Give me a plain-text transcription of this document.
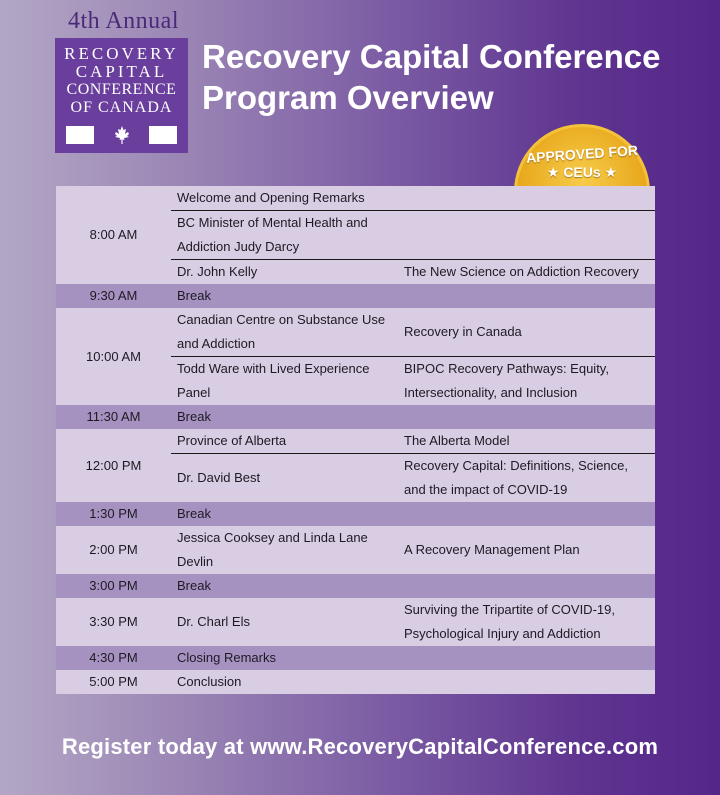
4th Annual
RECOVERY
CAPITAL
CONFERENCE
OF CANADA
Recovery Capital Conference
Program Overview
APPROVED FOR
★ CEUs ★
8:00 AM	Welcome and Opening Remarks	
	BC Minister of Mental Health and Addiction Judy Darcy	
	Dr. John Kelly	The New Science on Addiction Recovery
9:30 AM	Break	
10:00 AM	Canadian Centre on Substance Use and Addiction	Recovery in Canada
	Todd Ware with Lived Experience Panel	BIPOC Recovery Pathways: Equity, Intersectionality, and Inclusion
11:30 AM	Break	
12:00 PM	Province of Alberta	The Alberta Model
	Dr. David Best	Recovery Capital: Definitions, Science, and the impact of COVID-19
1:30 PM	Break	
2:00 PM	Jessica Cooksey and Linda Lane Devlin	A Recovery Management Plan
3:00 PM	Break	
3:30 PM	Dr. Charl Els	Surviving the Tripartite of COVID-19, Psychological Injury and Addiction
4:30 PM	Closing Remarks	
5:00 PM	Conclusion	
Register today at www.RecoveryCapitalConference.com
